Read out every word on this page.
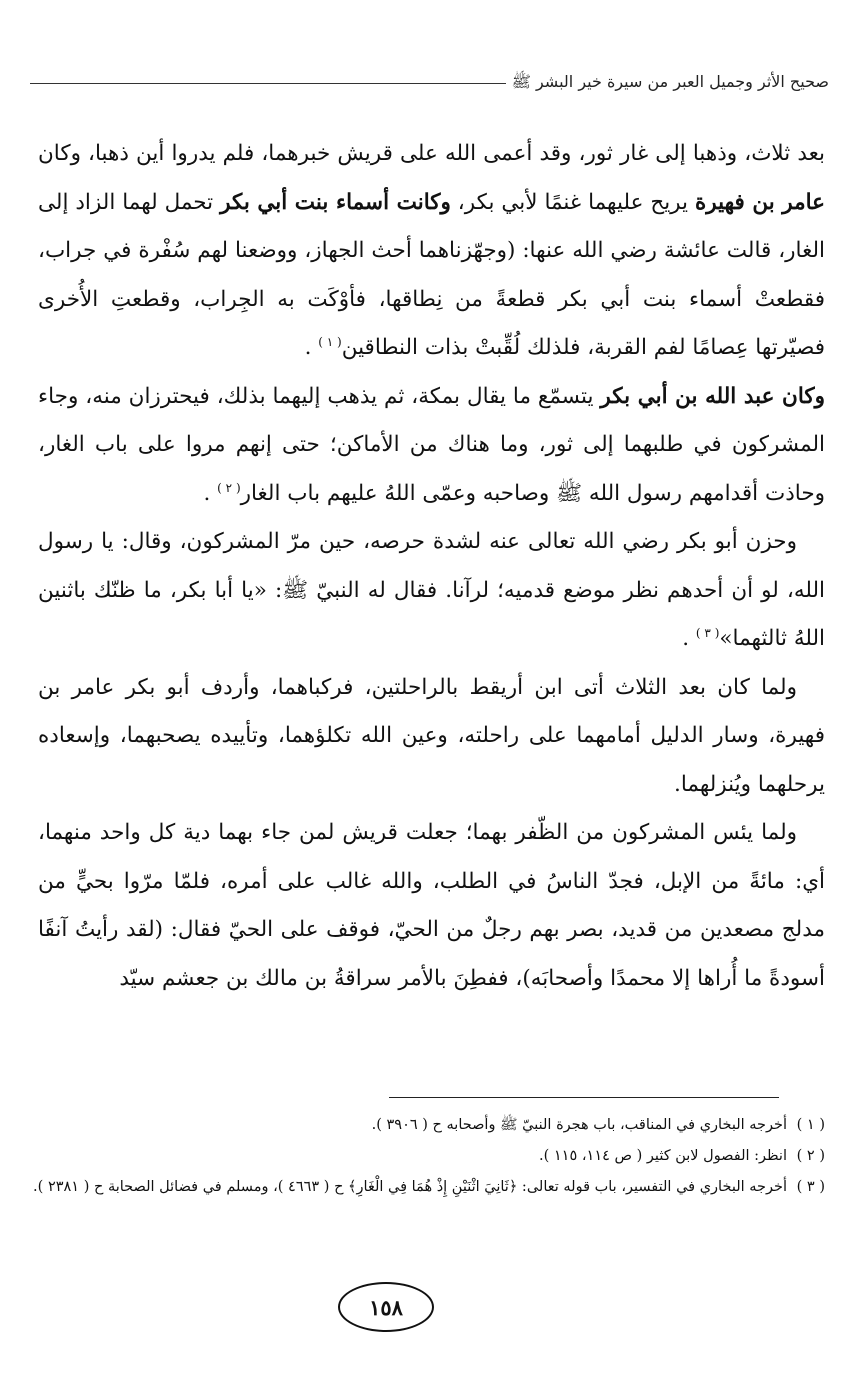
صحيح الأثر وجميل العبر من سيرة خير البشر ﷺ

بعد ثلاث، وذهبا إلى غار ثور، وقد أعمى الله على قريش خبرهما، فلم يدروا أين ذهبا، وكان عامر بن فهيرة يريح عليهما غنمًا لأبي بكر، وكانت أسماء بنت أبي بكر تحمل لهما الزاد إلى الغار، قالت عائشة رضي الله عنها: (وجهّزناهما أحث الجهاز، ووضعنا لهم سُفْرة في جراب، فقطعتْ أسماء بنت أبي بكر قطعةً من نِطاقها، فأوْكَت به الجِراب، وقطعتِ الأُخرى فصيّرتها عِصامًا لفم القربة، فلذلك لُقِّبتْ بذات النطاقين$^{( ١ )}$ .

وكان عبد الله بن أبي بكر يتسمّع ما يقال بمكة، ثم يذهب إليهما بذلك، فيحترزان منه، وجاء المشركون في طلبهما إلى ثور، وما هناك من الأماكن؛ حتى إنهم مروا على باب الغار، وحاذت أقدامهم رسول الله ﷺ وصاحبه وعمّى اللهُ عليهم باب الغار$^{( ٢ )}$ .

وحزن أبو بكر رضي الله تعالى عنه لشدة حرصه، حين مرّ المشركون، وقال: يا رسول الله، لو أن أحدهم نظر موضع قدميه؛ لرآنا. فقال له النبيّ ﷺ: «يا أبا بكر، ما ظنّك باثنين اللهُ ثالثهما»$^{( ٣ )}$ .

ولما كان بعد الثلاث أتى ابن أريقط بالراحلتين، فركباهما، وأردف أبو بكر عامر بن فهيرة، وسار الدليل أمامهما على راحلته، وعين الله تكلؤهما، وتأييده يصحبهما، وإسعاده يرحلهما ويُنزلهما.

ولما يئس المشركون من الظّفر بهما؛ جعلت قريش لمن جاء بهما دية كل واحد منهما، أي: مائةً من الإبل، فجدّ الناسُ في الطلب، والله غالب على أمره، فلمّا مرّوا بحيٍّ من مدلج مصعدين من قديد، بصر بهم رجلٌ من الحيّ، فوقف على الحيّ فقال: (لقد رأيتُ آنفًا أسودةً ما أُراها إلا محمدًا وأصحابَه)، ففطِنَ بالأمر سراقةُ بن مالك بن جعشم سيّد

( ١ )
أخرجه البخاري في المناقب، باب هجرة النبيّ ﷺ وأصحابه ح ( ٣٩٠٦ ).
( ٢ )
انظر: الفصول لابن كثير ( ص ١١٤، ١١٥ ).
( ٣ )
أخرجه البخاري في التفسير، باب قوله تعالى: ﴿ثَانِيَ اثْنَيْنِ إِذْ هُمَا فِي الْغَارِ﴾ ح ( ٤٦٦٣ )، ومسلم في فضائل الصحابة ح ( ٢٣٨١ ).
١٥٨
